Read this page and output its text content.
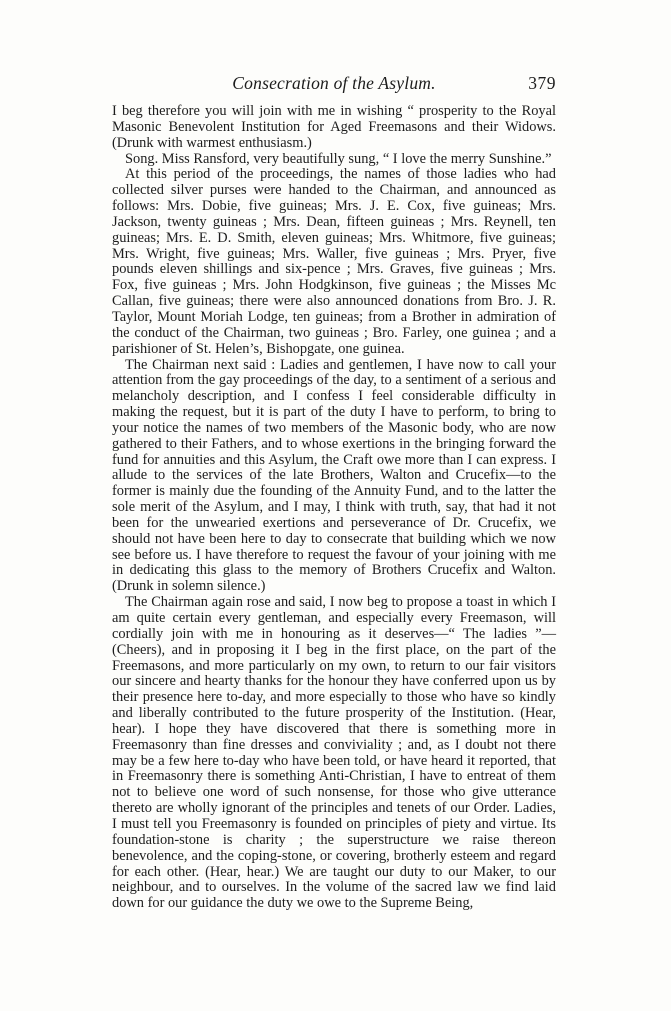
Consecration of the Asylum.	379

I beg therefore you will join with me in wishing “ prosperity to the Royal Masonic Benevolent Institution for Aged Freemasons and their Widows. (Drunk with warmest enthusiasm.)

Song. Miss Ransford, very beautifully sung, “ I love the merry Sunshine.”

At this period of the proceedings, the names of those ladies who had collected silver purses were handed to the Chairman, and announced as follows: Mrs. Dobie, five guineas; Mrs. J. E. Cox, five guineas; Mrs. Jackson, twenty guineas ; Mrs. Dean, fifteen guineas ; Mrs. Reynell, ten guineas; Mrs. E. D. Smith, eleven guineas; Mrs. Whitmore, five guineas; Mrs. Wright, five guineas; Mrs. Waller, five guineas ; Mrs. Pryer, five pounds eleven shillings and six-pence ; Mrs. Graves, five guineas ; Mrs. Fox, five guineas ; Mrs. John Hodgkinson, five guineas ; the Misses Mc Callan, five guineas; there were also announced donations from Bro. J. R. Taylor, Mount Moriah Lodge, ten guineas; from a Brother in admiration of the conduct of the Chairman, two guineas ; Bro. Farley, one guinea ; and a parishioner of St. Helen’s, Bishopgate, one guinea.

The Chairman next said : Ladies and gentlemen, I have now to call your attention from the gay proceedings of the day, to a sentiment of a serious and melancholy description, and I confess I feel considerable difficulty in making the request, but it is part of the duty I have to perform, to bring to your notice the names of two members of the Masonic body, who are now gathered to their Fathers, and to whose exertions in the bringing forward the fund for annuities and this Asylum, the Craft owe more than I can express. I allude to the services of the late Brothers, Walton and Crucefix—to the former is mainly due the founding of the Annuity Fund, and to the latter the sole merit of the Asylum, and I may, I think with truth, say, that had it not been for the unwearied exertions and perseverance of Dr. Crucefix, we should not have been here to day to consecrate that building which we now see before us. I have therefore to request the favour of your joining with me in dedicating this glass to the memory of Brothers Crucefix and Walton. (Drunk in solemn silence.)

The Chairman again rose and said, I now beg to propose a toast in which I am quite certain every gentleman, and especially every Freemason, will cordially join with me in honouring as it deserves—“ The ladies ”—(Cheers), and in proposing it I beg in the first place, on the part of the Freemasons, and more particularly on my own, to return to our fair visitors our sincere and hearty thanks for the honour they have conferred upon us by their presence here to-day, and more especially to those who have so kindly and liberally contributed to the future prosperity of the Institution. (Hear, hear). I hope they have discovered that there is something more in Freemasonry than fine dresses and conviviality ; and, as I doubt not there may be a few here to-day who have been told, or have heard it reported, that in Freemasonry there is something Anti-Christian, I have to entreat of them not to believe one word of such nonsense, for those who give utterance thereto are wholly ignorant of the principles and tenets of our Order. Ladies, I must tell you Freemasonry is founded on principles of piety and virtue. Its foundation-stone is charity ; the superstructure we raise thereon benevolence, and the coping-stone, or covering, brotherly esteem and regard for each other. (Hear, hear.) We are taught our duty to our Maker, to our neighbour, and to ourselves. In the volume of the sacred law we find laid down for our guidance the duty we owe to the Supreme Being,
